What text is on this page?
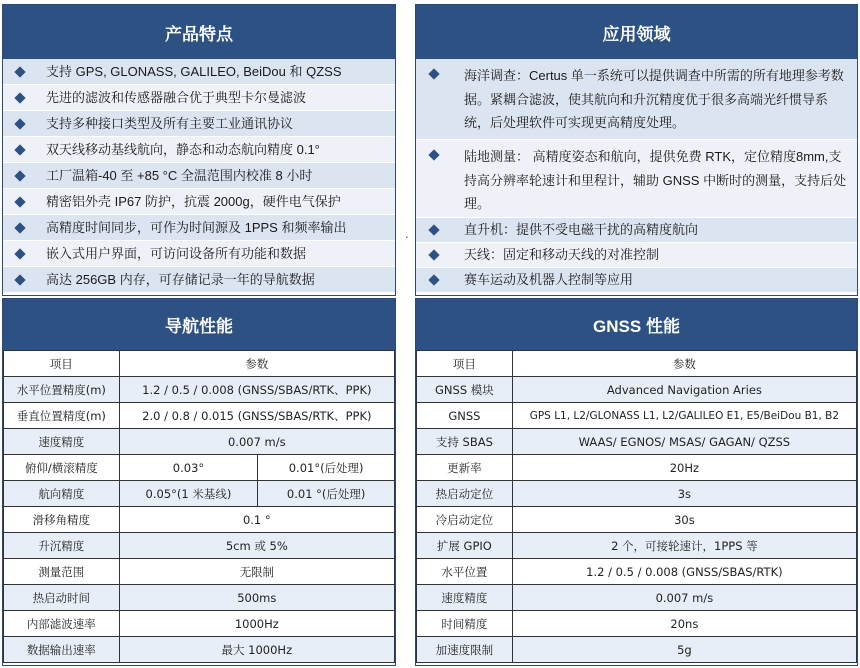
产品特点
支持 GPS, GLONASS, GALILEO, BeiDou 和 QZSS
先进的滤波和传感器融合优于典型卡尔曼滤波
支持多种接口类型及所有主要工业通讯协议
双天线移动基线航向，静态和动态航向精度 0.1°
工厂温箱-40 至 +85 °C 全温范围内校准 8 小时
精密铝外壳 IP67 防护，抗震 2000g，硬件电气保护
高精度时间同步，可作为时间源及 1PPS 和频率输出
嵌入式用户界面，可访问设备所有功能和数据
高达 256GB 内存，可存储记录一年的导航数据
.
应用领域
海洋调查：Certus 单一系统可以提供调查中所需的所有地理参考数据。紧耦合滤波，使其航向和升沉精度优于很多高端光纤惯导系统，后处理软件可实现更高精度处理。
陆地测量： 高精度姿态和航向，提供免费 RTK，定位精度8mm,支持高分辨率轮速计和里程计，辅助 GNSS 中断时的测量，支持后处理。
直升机：提供不受电磁干扰的高精度航向
天线：固定和移动天线的对准控制
赛车运动及机器人控制等应用
导航性能
项目	参数	
水平位置精度(m)	1.2 / 0.5 / 0.008 (GNSS/SBAS/RTK、PPK)	
垂直位置精度(m)	2.0 / 0.8 / 0.015 (GNSS/SBAS/RTK、PPK)	
速度精度	0.007 m/s	
俯仰/横滚精度	0.03°	0.01°(后处理)
航向精度	0.05°(1 米基线)	0.01 °(后处理)
滑移角精度	0.1 °	
升沉精度	5cm 或 5%	
测量范围	无限制	
热启动时间	500ms	
内部滤波速率	1000Hz	
数据输出速率	最大 1000Hz	
GNSS 性能
项目	参数
GNSS 模块	Advanced Navigation Aries
GNSS	GPS L1, L2/GLONASS L1, L2/GALILEO E1, E5/BeiDou B1, B2
支持 SBAS	WAAS/ EGNOS/ MSAS/ GAGAN/ QZSS
更新率	20Hz
热启动定位	3s
冷启动定位	30s
扩展 GPIO	2 个，可接轮速计，1PPS 等
水平位置	1.2 / 0.5 / 0.008 (GNSS/SBAS/RTK)
速度精度	0.007 m/s
时间精度	20ns
加速度限制	5g
